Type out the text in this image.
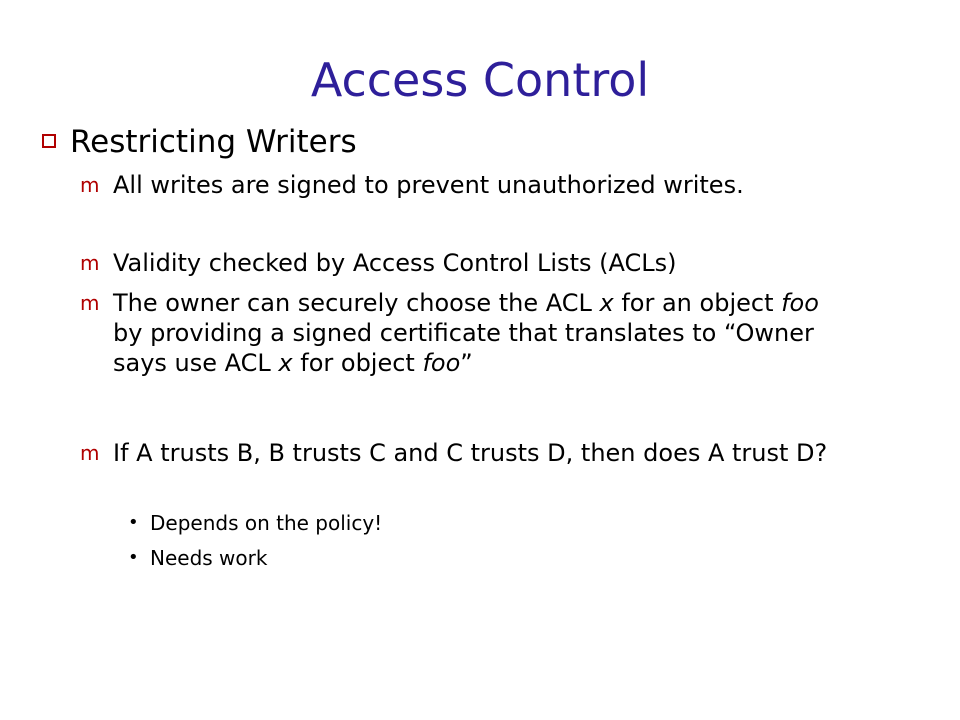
Access Control
Restricting Writers
m All writes are signed to prevent unauthorized writes.
m Validity checked by Access Control Lists (ACLs)
m The owner can securely choose the ACL x for an object foo by providing a signed certificate that translates to “Owner says use ACL x for object foo”
m If A trusts B, B trusts C and C trusts D, then does A trust D?
• Depends on the policy!
• Needs work
